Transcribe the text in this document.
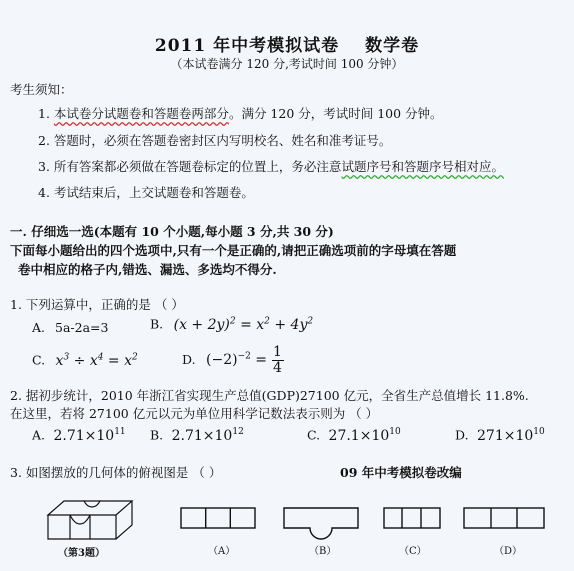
2011 年中考模拟试卷 数学卷
（本试卷满分 120 分,考试时间 100 分钟）
考生须知：
1. 本试卷分试题卷和答题卷两部分。满分 120 分，考试时间 100 分钟。
2. 答题时，必须在答题卷密封区内写明校名、姓名和准考证号。
3. 所有答案都必须做在答题卷标定的位置上，务必注意试题序号和答题序号相对应。
4. 考试结束后，上交试题卷和答题卷。
一. 仔细选一选(本题有 10 个小题,每小题 3 分,共 30 分)
下面每小题给出的四个选项中,只有一个是正确的,请把正确选项前的字母填在答题
卷中相应的格子内,错选、漏选、多选均不得分.
1. 下列运算中，正确的是 （ ）
A. 5a-2a=3	B. $(x + 2y)^2 = x^2 + 4y^2$
C. $x^3 \div x^4 = x^2$	D. $(-2)^{-2} = \frac{1}{4}$
2. 据初步统计，2010 年浙江省实现生产总值(GDP)27100 亿元，全省生产总值增长 11.8%.
在这里，若将 27100 亿元以元为单位用科学记数法表示则为 （ ）
A. $2.71\times 10^{11}$ B. $2.71\times 10^{12}$	C. $27.1\times 10^{10}$	D. $271\times 10^{10}$
3. 如图摆放的几何体的俯视图是 （ ）	09 年中考模拟卷改编
（第3题）	（A）	（B）	（C）	（D）
